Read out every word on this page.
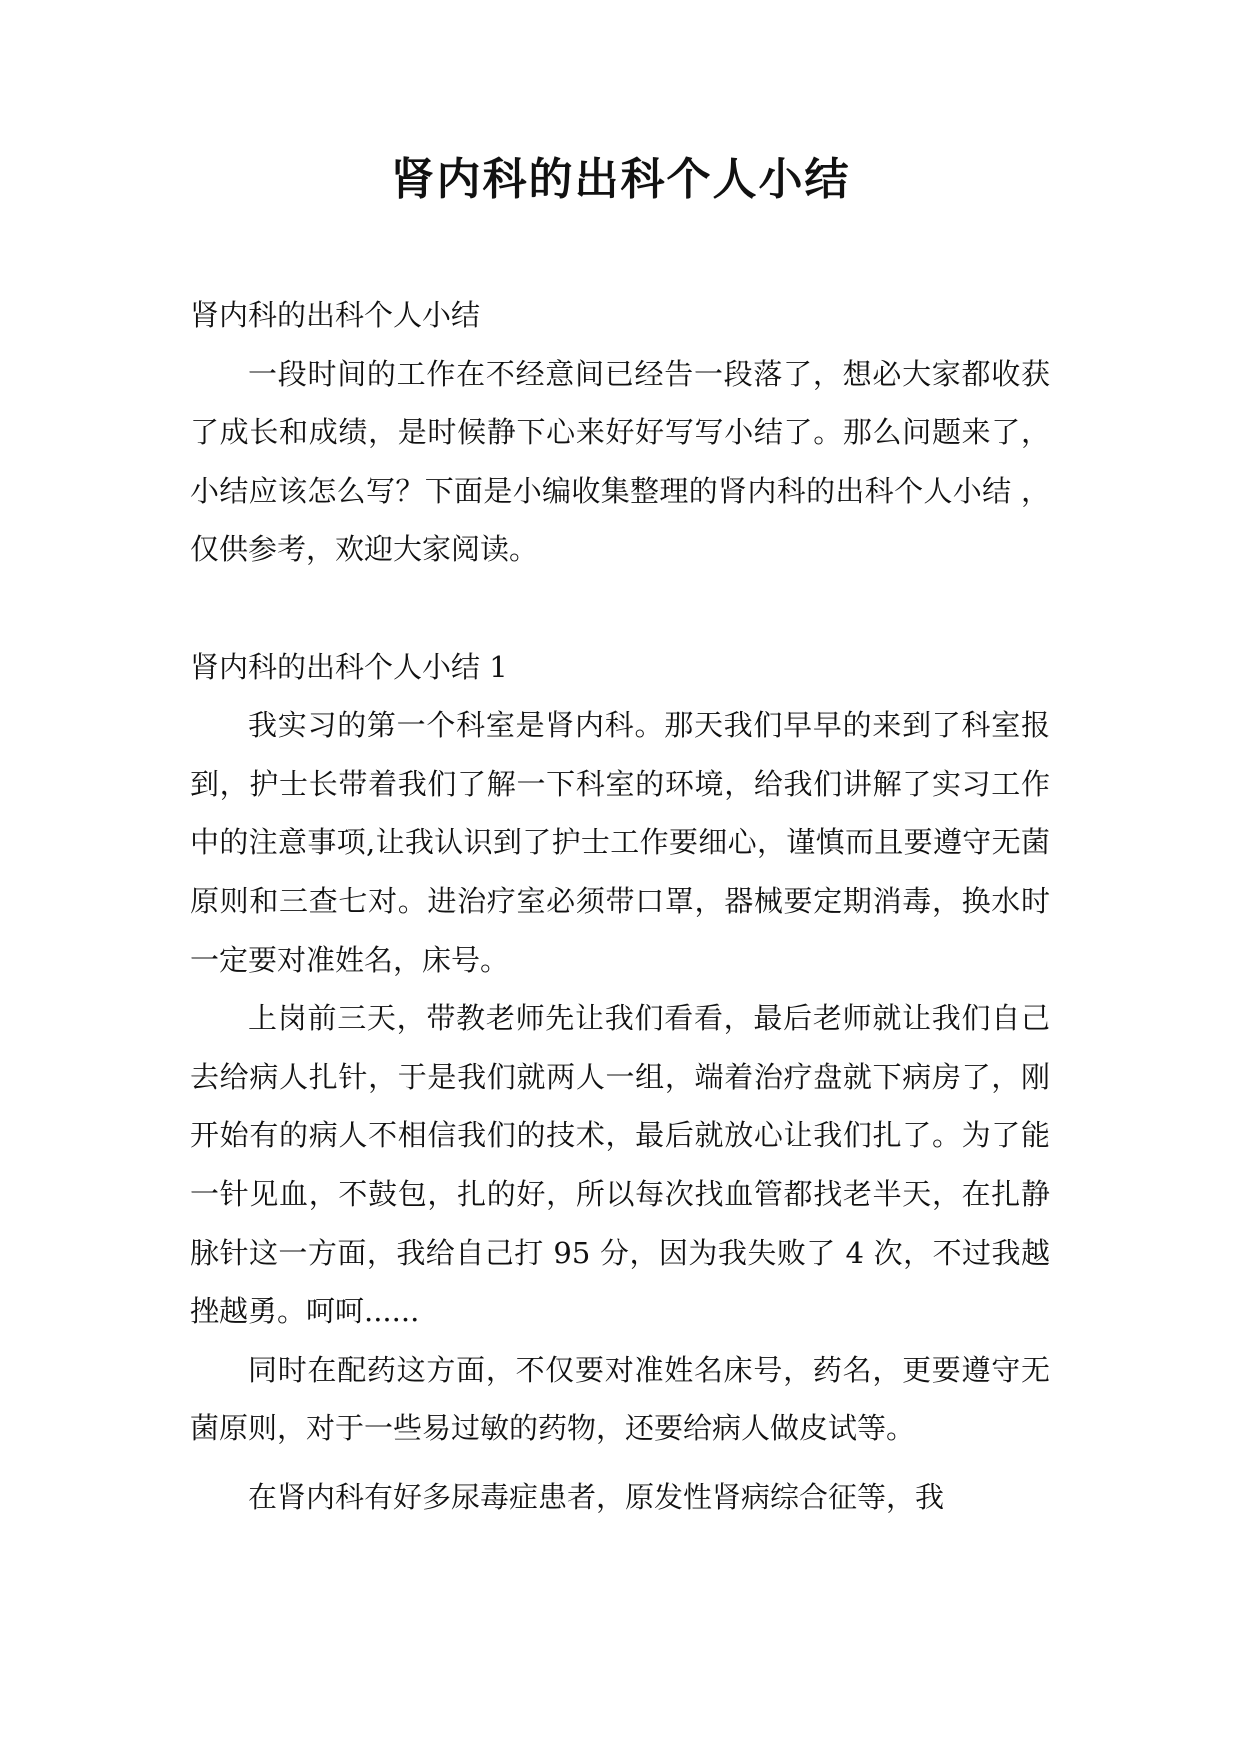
肾内科的出科个人小结
肾内科的出科个人小结

一段时间的工作在不经意间已经告一段落了，想必大家都收获了成长和成绩，是时候静下心来好好写写小结了。那么问题来了，小结应该怎么写？下面是小编收集整理的肾内科的出科个人小结 ，仅供参考，欢迎大家阅读。

肾内科的出科个人小结 1

我实习的第一个科室是肾内科。那天我们早早的来到了科室报到，护士长带着我们了解一下科室的环境，给我们讲解了实习工作中的注意事项,让我认识到了护士工作要细心，谨慎而且要遵守无菌原则和三查七对。进治疗室必须带口罩，器械要定期消毒，换水时一定要对准姓名，床号。

上岗前三天，带教老师先让我们看看，最后老师就让我们自己去给病人扎针，于是我们就两人一组，端着治疗盘就下病房了，刚开始有的病人不相信我们的技术，最后就放心让我们扎了。为了能一针见血，不鼓包，扎的好，所以每次找血管都找老半天，在扎静脉针这一方面，我给自己打 95 分，因为我失败了 4 次，不过我越挫越勇。呵呵......

同时在配药这方面，不仅要对准姓名床号，药名，更要遵守无菌原则，对于一些易过敏的药物，还要给病人做皮试等。

在肾内科有好多尿毒症患者，原发性肾病综合征等，我
